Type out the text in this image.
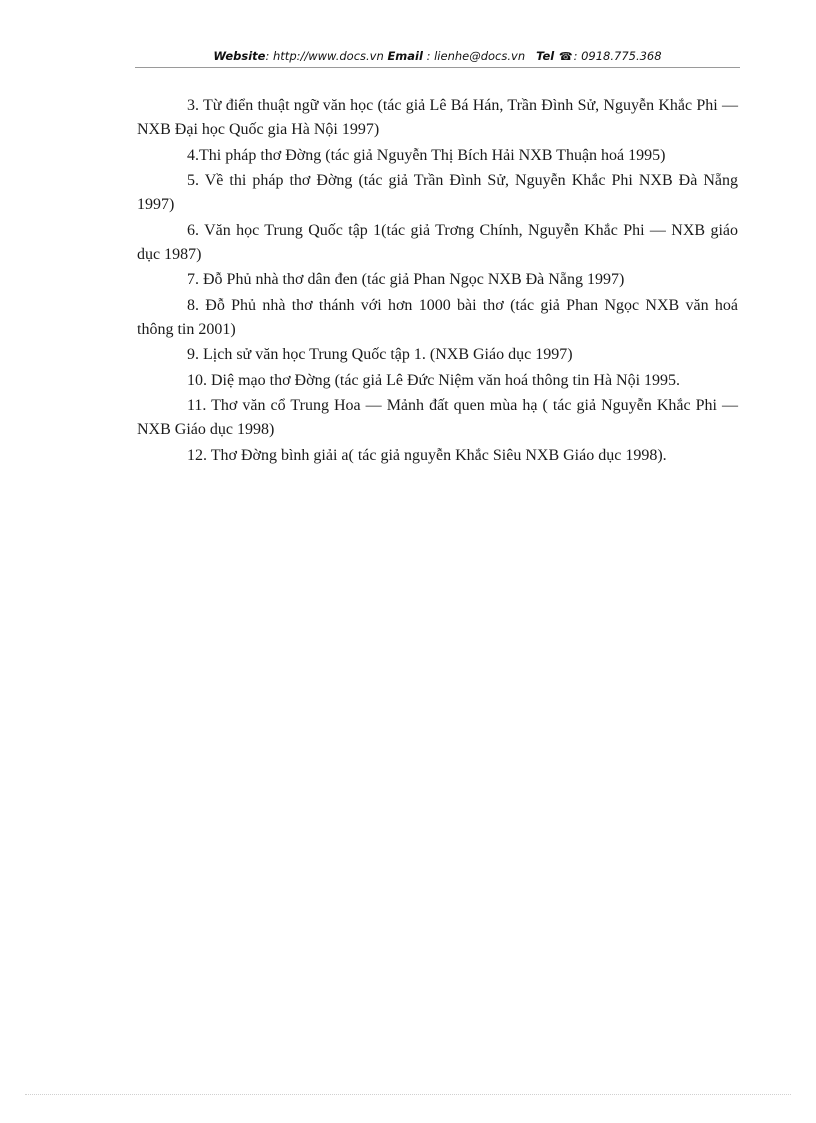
Website: http://www.docs.vn Email : lienhe@docs.vn Tel ☎: 0918.775.368

3. Từ điển thuật ngữ văn học (tác giả Lê Bá Hán, Trần Đình Sử, Nguyễn Khắc Phi — NXB Đại học Quốc gia Hà Nội 1997)

4.Thi pháp thơ Đờng (tác giả Nguyễn Thị Bích Hải NXB Thuận hoá 1995)

5. Về thi pháp thơ Đờng (tác giả Trần Đình Sử, Nguyễn Khắc Phi NXB Đà Nẵng 1997)

6. Văn học Trung Quốc tập 1(tác giả Trơng Chính, Nguyễn Khắc Phi — NXB giáo dục 1987)

7. Đỗ Phủ nhà thơ dân đen (tác giả Phan Ngọc NXB Đà Nẵng 1997)

8. Đỗ Phủ nhà thơ thánh với hơn 1000 bài thơ (tác giả Phan Ngọc NXB văn hoá thông tin 2001)

9. Lịch sử văn học Trung Quốc tập 1. (NXB Giáo dục 1997)

10. Diệ mạo thơ Đờng (tác giả Lê Đức Niệm văn hoá thông tin Hà Nội 1995.

11. Thơ văn cổ Trung Hoa — Mảnh đất quen mùa hạ ( tác giả Nguyễn Khắc Phi — NXB Giáo dục 1998)

12. Thơ Đờng bình giải a( tác giả nguyễn Khắc Siêu NXB Giáo dục 1998).
